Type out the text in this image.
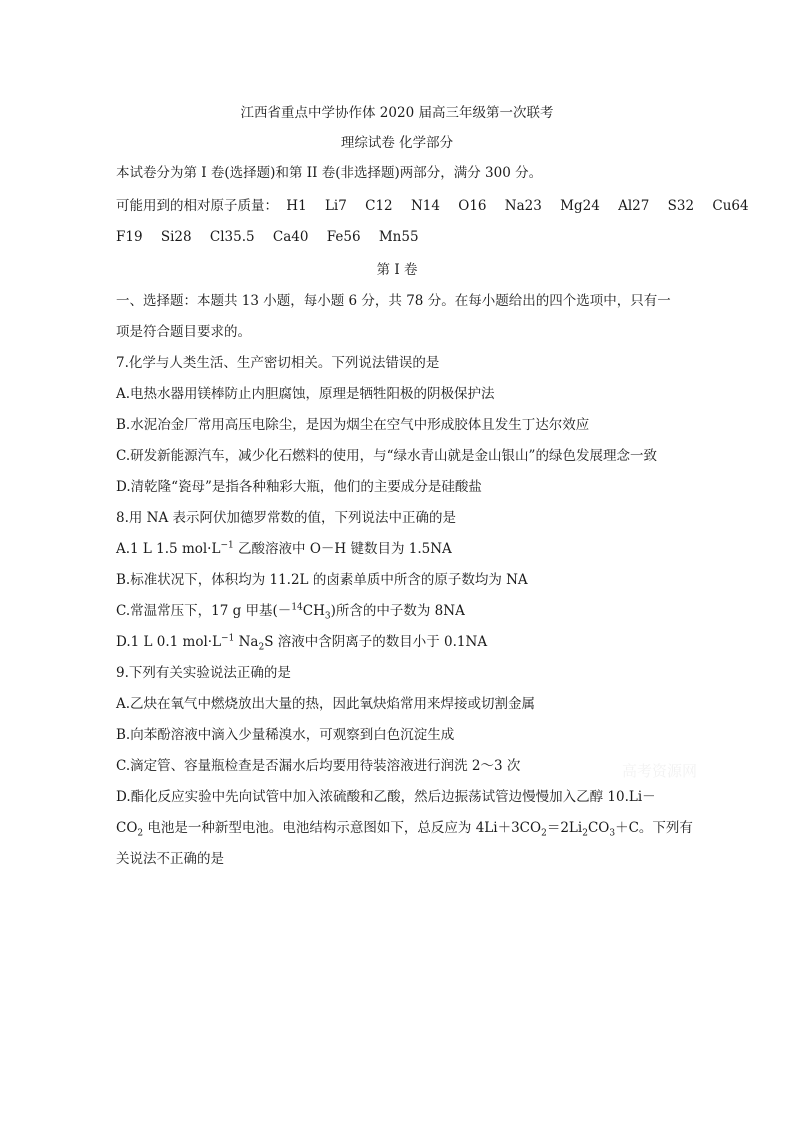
江西省重点中学协作体 2020 届高三年级第一次联考
理综试卷 化学部分
本试卷分为第 I 卷(选择题)和第 II 卷(非选择题)两部分，满分 300 分。
可能用到的相对原子质量： H1 Li7 C12 N14 O16 Na23 Mg24 Al27 S32 Cu64
F19 Si28 Cl35.5 Ca40 Fe56 Mn55
第 I 卷
一、选择题：本题共 13 小题，每小题 6 分，共 78 分。在每小题给出的四个选项中，只有一
项是符合题目要求的。
7.化学与人类生活、生产密切相关。下列说法错误的是
A.电热水器用镁棒防止内胆腐蚀，原理是牺牲阳极的阴极保护法
B.水泥冶金厂常用高压电除尘，是因为烟尘在空气中形成胶体且发生丁达尔效应
C.研发新能源汽车，减少化石燃料的使用，与“绿水青山就是金山银山”的绿色发展理念一致
D.清乾隆“瓷母”是指各种釉彩大瓶，他们的主要成分是硅酸盐
8.用 NA 表示阿伏加德罗常数的值，下列说法中正确的是
A.1 L 1.5 $mol\cdot L^{-1}$ 乙酸溶液中 O－H 键数目为 1.5NA
B.标准状况下，体积均为 11.2L 的卤素单质中所含的原子数均为 NA
C.常温常压下，17 g 甲基$(-^{14}CH_3)$所含的中子数为 8NA
D.1 L 0.1 $mol\cdot L^{-1}$ $Na_2S$ 溶液中含阴离子的数目小于 0.1NA
9.下列有关实验说法正确的是
A.乙炔在氧气中燃烧放出大量的热，因此氧炔焰常用来焊接或切割金属
B.向苯酚溶液中滴入少量稀溴水，可观察到白色沉淀生成
C.滴定管、容量瓶检查是否漏水后均要用待装溶液进行润洗 2～3 次
D.酯化反应实验中先向试管中加入浓硫酸和乙酸，然后边振荡试管边慢慢加入乙醇 10.Li－
$CO_2$ 电池是一种新型电池。电池结构示意图如下，总反应为 $4Li+3CO_2=2Li_2CO_3+C$。下列有
关说法不正确的是
高考资源网
